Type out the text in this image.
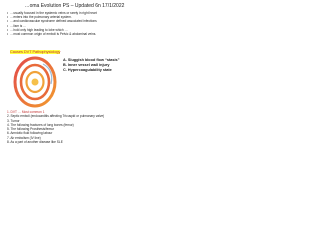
…oma Evolution PS – Updated 6n 17/1/2022
• …usually focused in the systemic veins or rarely in right heart
• …enters into the pulmonary arterial system.
• …and cardiovascular syndrome defined associated infections
• …lism is …
• …hold only high leading to lobe which …
• …most common origin of emboli is Pelvic & abdominal veins.
Causes DVT Pathophysiology
A. Sluggish blood flow “stasis”
B. Inner vessel wall injury
C. Hypercoagulability state
1. DVT … Most common 1
2. Septic emboli (endocarditis affecting Tricuspid or pulmonary valve)
3. Tumor
4. The following fractures of long bones (femur)
5. The following Prosthesis/femur
6. Amniotic fluid following labour
7. Air embolism (IV line)
8. As a part of another disease like SLE
